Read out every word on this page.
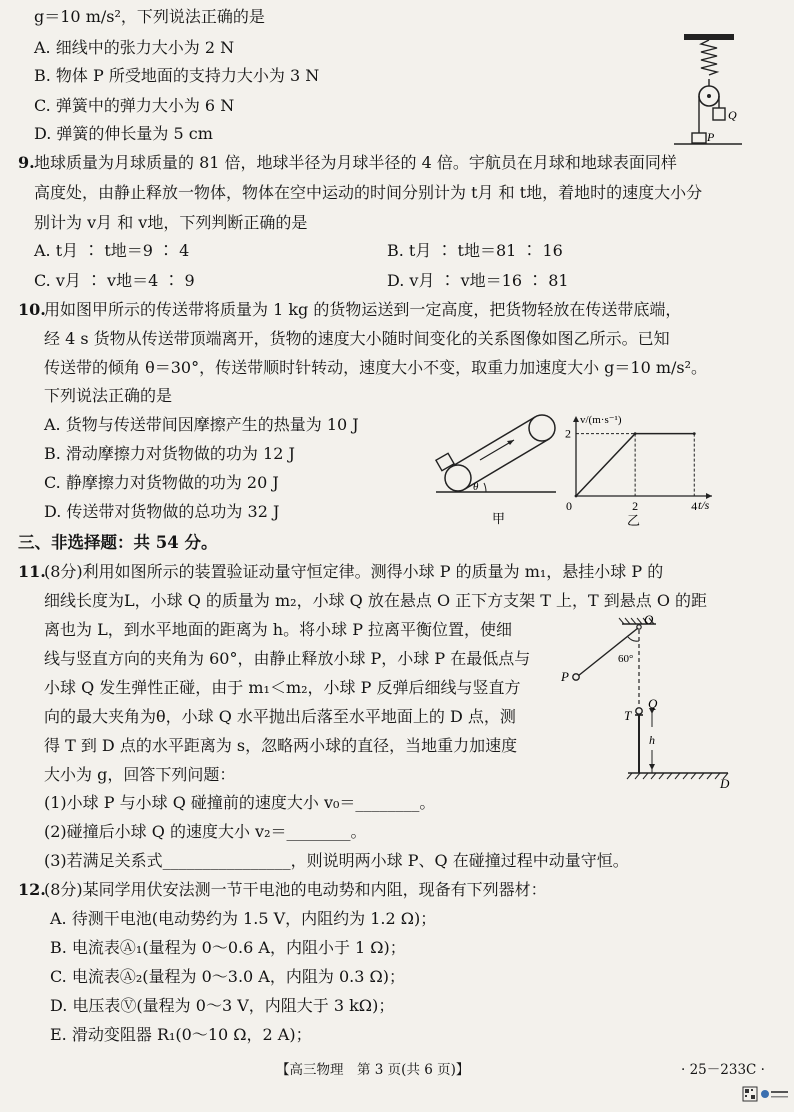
g＝10 m/s²，下列说法正确的是
A. 细线中的张力大小为 2 N
B. 物体 P 所受地面的支持力大小为 3 N
C. 弹簧中的弹力大小为 6 N
D. 弹簧的伸长量为 5 cm
Q
P
9. 地球质量为月球质量的 81 倍，地球半径为月球半径的 4 倍。宇航员在月球和地球表面同样
高度处，由静止释放一物体，物体在空中运动的时间分别计为 t月 和 t地，着地时的速度大小分
别计为 v月 和 v地，下列判断正确的是
A. t月 ∶ t地＝9 ∶ 4	B. t月 ∶ t地＝81 ∶ 16
C. v月 ∶ v地＝4 ∶ 9	D. v月 ∶ v地＝16 ∶ 81
10.
用如图甲所示的传送带将质量为 1 kg 的货物运送到一定高度，把货物轻放在传送带底端，
经 4 s 货物从传送带顶端离开，货物的速度大小随时间变化的关系图像如图乙所示。已知
传送带的倾角 θ＝30°，传送带顺时针转动，速度大小不变，取重力加速度大小 g＝10 m/s²。
下列说法正确的是
A. 货物与传送带间因摩擦产生的热量为 10 J
B. 滑动摩擦力对货物做的功为 12 J
C. 静摩擦力对货物做的功为 20 J
D. 传送带对货物做的总功为 32 J
θ
甲
0	2	4
2
v/(m·s⁻¹)
t/s
乙
三、非选择题：共 54 分。
11.
(8分)利用如图所示的装置验证动量守恒定律。测得小球 P 的质量为 m₁，悬挂小球 P 的
细线长度为L，小球 Q 的质量为 m₂，小球 Q 放在悬点 O 正下方支架 T 上，T 到悬点 O 的距
离也为 L，到水平地面的距离为 h。将小球 P 拉离平衡位置，使细
线与竖直方向的夹角为 60°，由静止释放小球 P，小球 P 在最低点与
小球 Q 发生弹性正碰，由于 m₁＜m₂，小球 P 反弹后细线与竖直方
向的最大夹角为θ，小球 Q 水平抛出后落至水平地面上的 D 点，测
得 T 到 D 点的水平距离为 s，忽略两小球的直径，当地重力加速度
大小为 g，回答下列问题：
(1)小球 P 与小球 Q 碰撞前的速度大小 v₀＝________。
(2)碰撞后小球 Q 的速度大小 v₂＝________。
(3)若满足关系式________________，则说明两小球 P、Q 在碰撞过程中动量守恒。
O
60°
P
T
Q
h
D
12.
(8分)某同学用伏安法测一节干电池的电动势和内阻，现备有下列器材：
A. 待测干电池(电动势约为 1.5 V，内阻约为 1.2 Ω)；
B. 电流表Ⓐ₁(量程为 0～0.6 A，内阻小于 1 Ω)；
C. 电流表Ⓐ₂(量程为 0～3.0 A，内阻为 0.3 Ω)；
D. 电压表Ⓥ(量程为 0～3 V，内阻大于 3 kΩ)；
E. 滑动变阻器 R₁(0～10 Ω，2 A)；
【高三物理　第 3 页(共 6 页)】	· 25－233C ·
